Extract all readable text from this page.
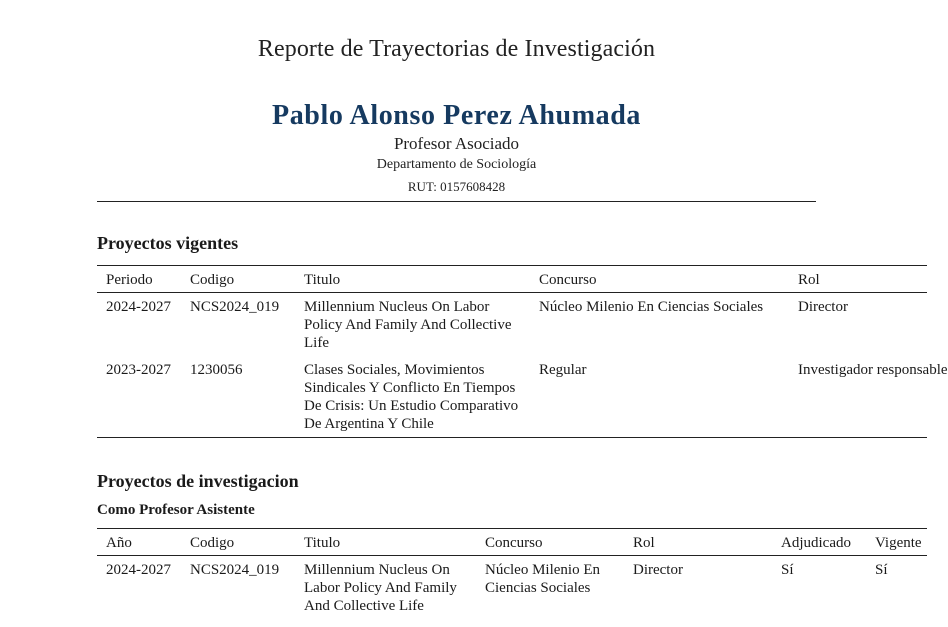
Reporte de Trayectorias de Investigación
Pablo Alonso Perez Ahumada
Profesor Asociado
Departamento de Sociología
RUT: 0157608428
Proyectos vigentes
Periodo	Codigo	Titulo	Concurso	Rol
2024-2027	NCS2024_019	Millennium Nucleus On Labor Policy And Family And Collective Life	Núcleo Milenio En Ciencias Sociales	Director
2023-2027	1230056	Clases Sociales, Movimientos Sindicales Y Conflicto En Tiempos De Crisis: Un Estudio Comparativo De Argentina Y Chile	Regular	Investigador responsable
Proyectos de investigacion
Como Profesor Asistente
Año	Codigo	Titulo	Concurso	Rol	Adjudicado	Vigente
2024-2027	NCS2024_019	Millennium Nucleus On Labor Policy And Family And Collective Life	Núcleo Milenio En Ciencias Sociales	Director	Sí	Sí
